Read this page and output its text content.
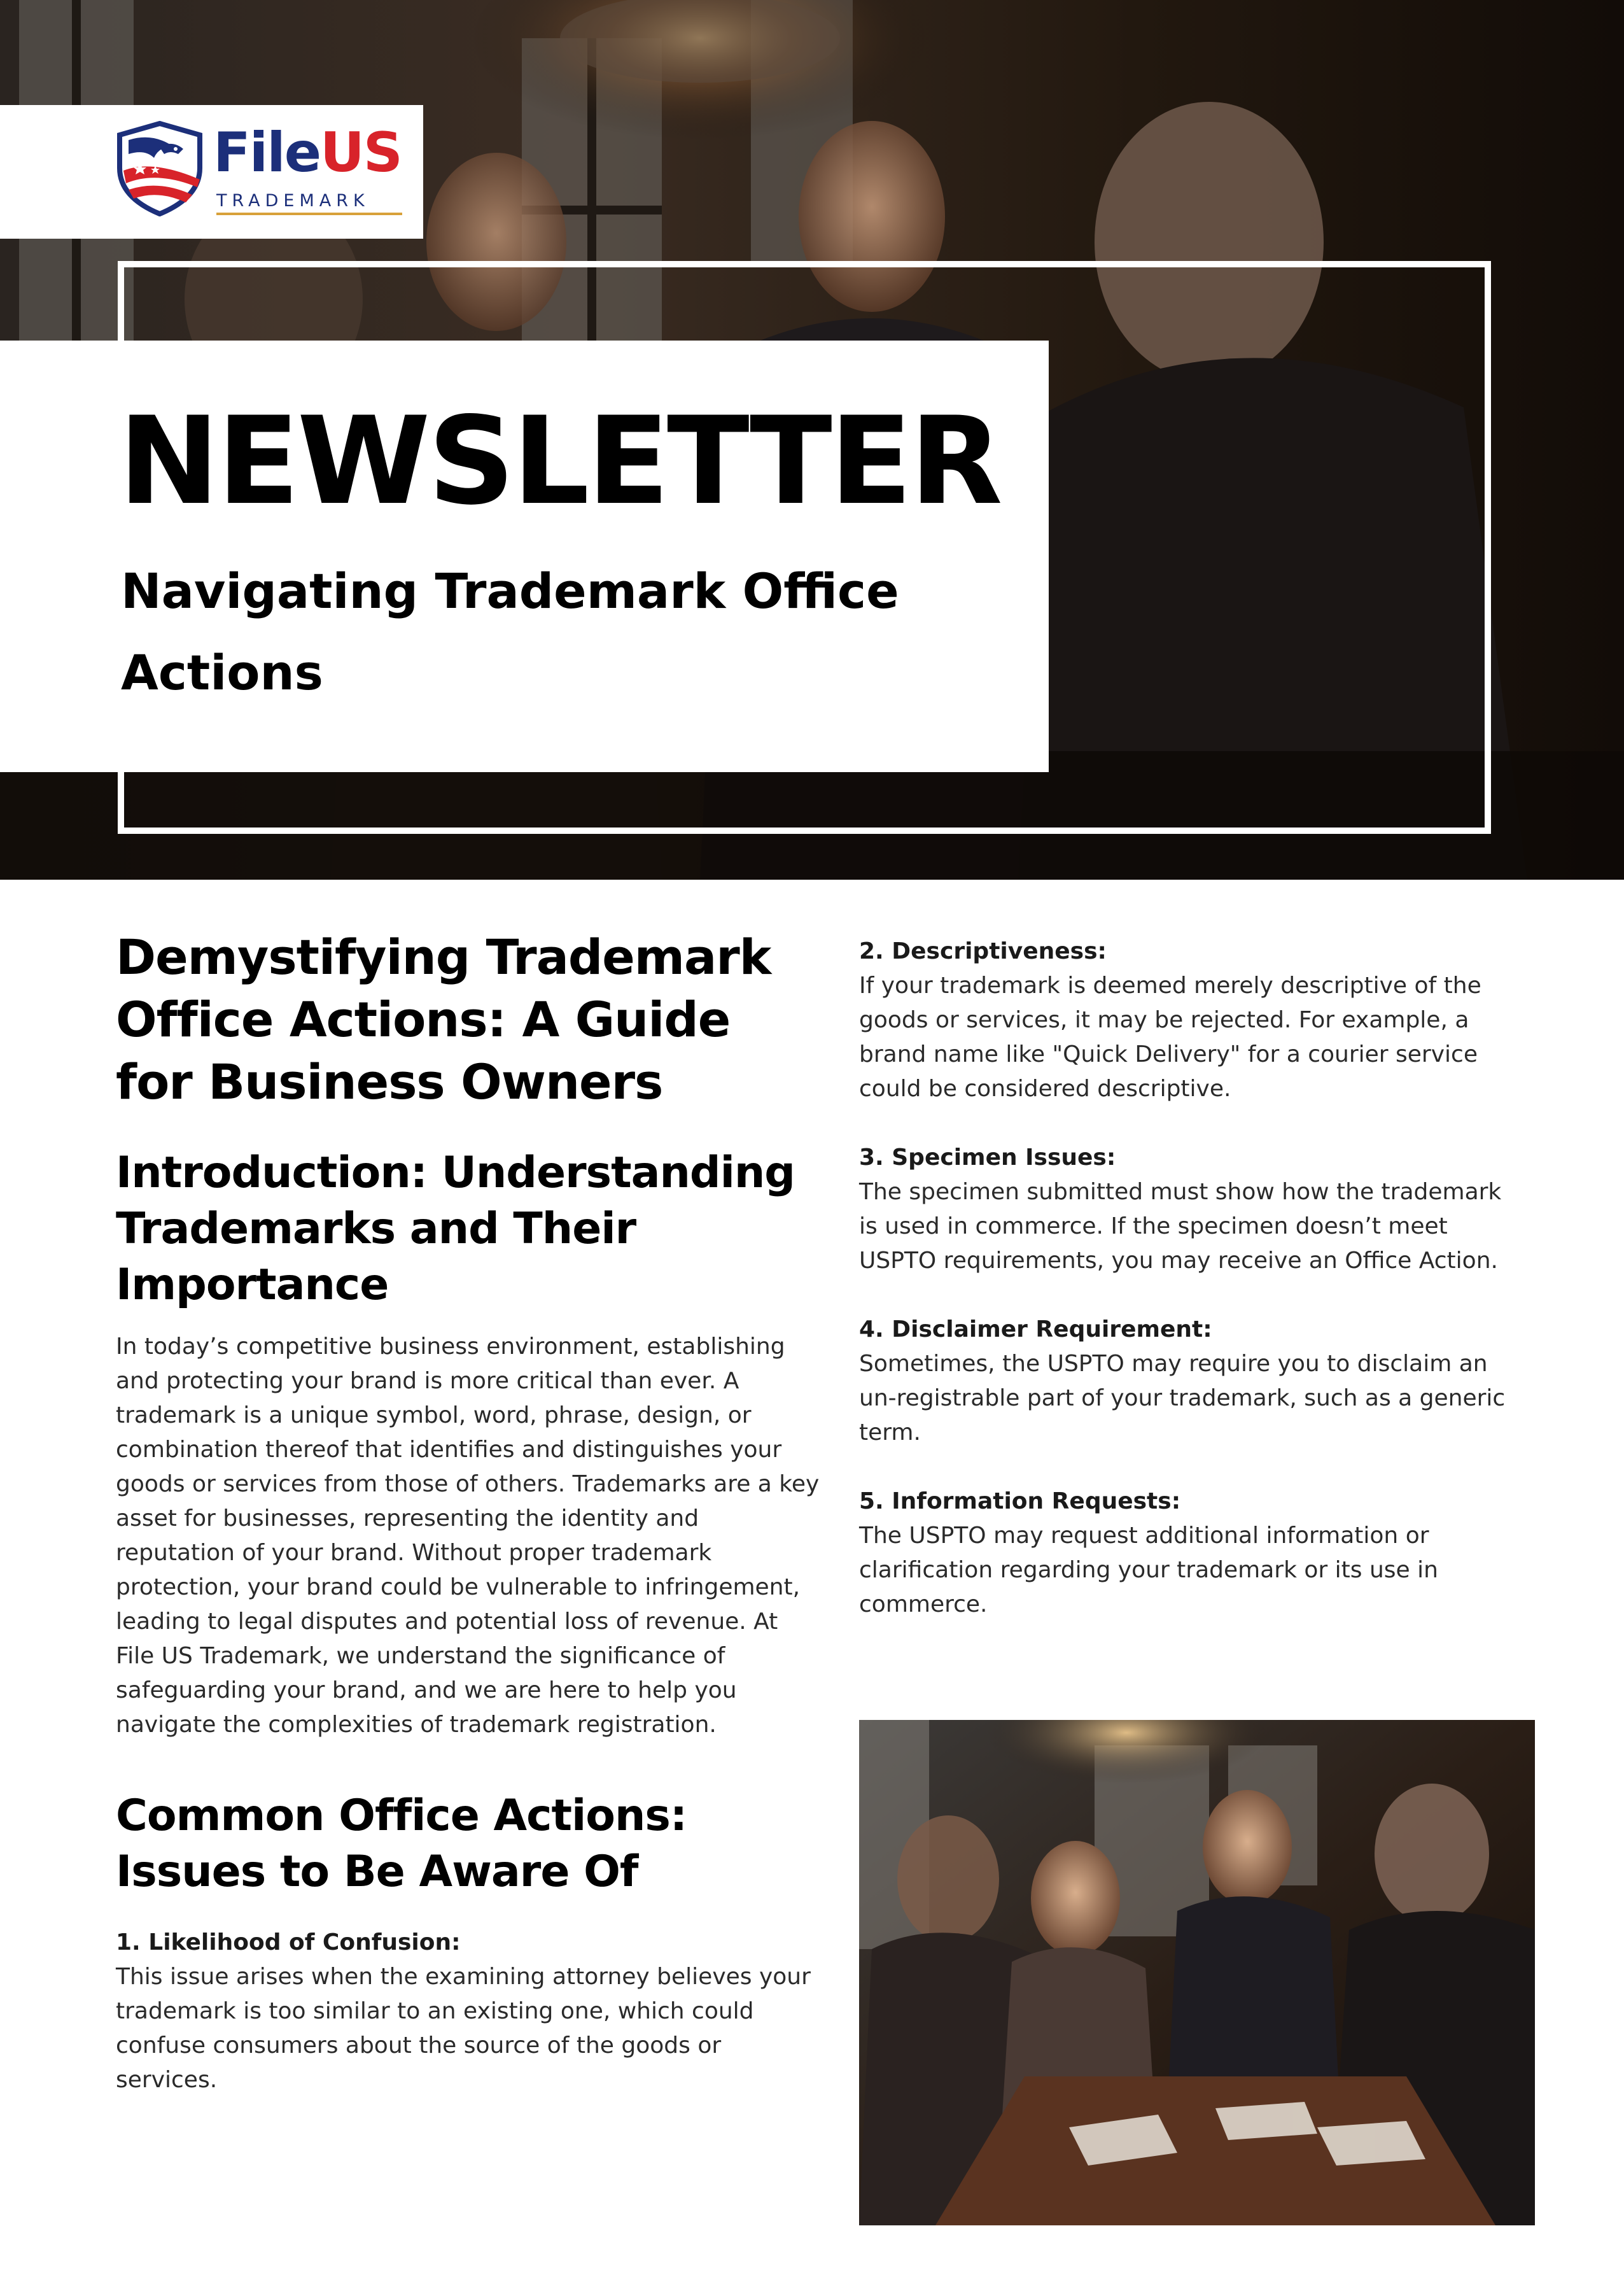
FileUS
TRADEMARK
NEWSLETTER
Navigating Trademark Office Actions
Demystifying Trademark Office Actions: A Guide for Business Owners
Introduction: Understanding Trademarks and Their Importance

In today’s competitive business environment, establishing and protecting your brand is more critical than ever. A trademark is a unique symbol, word, phrase, design, or combination thereof that identifies and distinguishes your goods or services from those of others. Trademarks are a key asset for businesses, representing the identity and reputation of your brand. Without proper trademark protection, your brand could be vulnerable to infringement, leading to legal disputes and potential loss of revenue. At File US Trademark, we understand the significance of safeguarding your brand, and we are here to help you navigate the complexities of trademark registration.

Common Office Actions: Issues to Be Aware Of
1. Likelihood of Confusion:
This issue arises when the examining attorney believes your trademark is too similar to an existing one, which could confuse consumers about the source of the goods or services.
2. Descriptiveness:
If your trademark is deemed merely descriptive of the goods or services, it may be rejected. For example, a brand name like "Quick Delivery" for a courier service could be considered descriptive.
3. Specimen Issues:
The specimen submitted must show how the trademark is used in commerce. If the specimen doesn’t meet USPTO requirements, you may receive an Office Action.
4. Disclaimer Requirement:
Sometimes, the USPTO may require you to disclaim an un-registrable part of your trademark, such as a generic term.
5. Information Requests:
The USPTO may request additional information or clarification regarding your trademark or its use in commerce.
